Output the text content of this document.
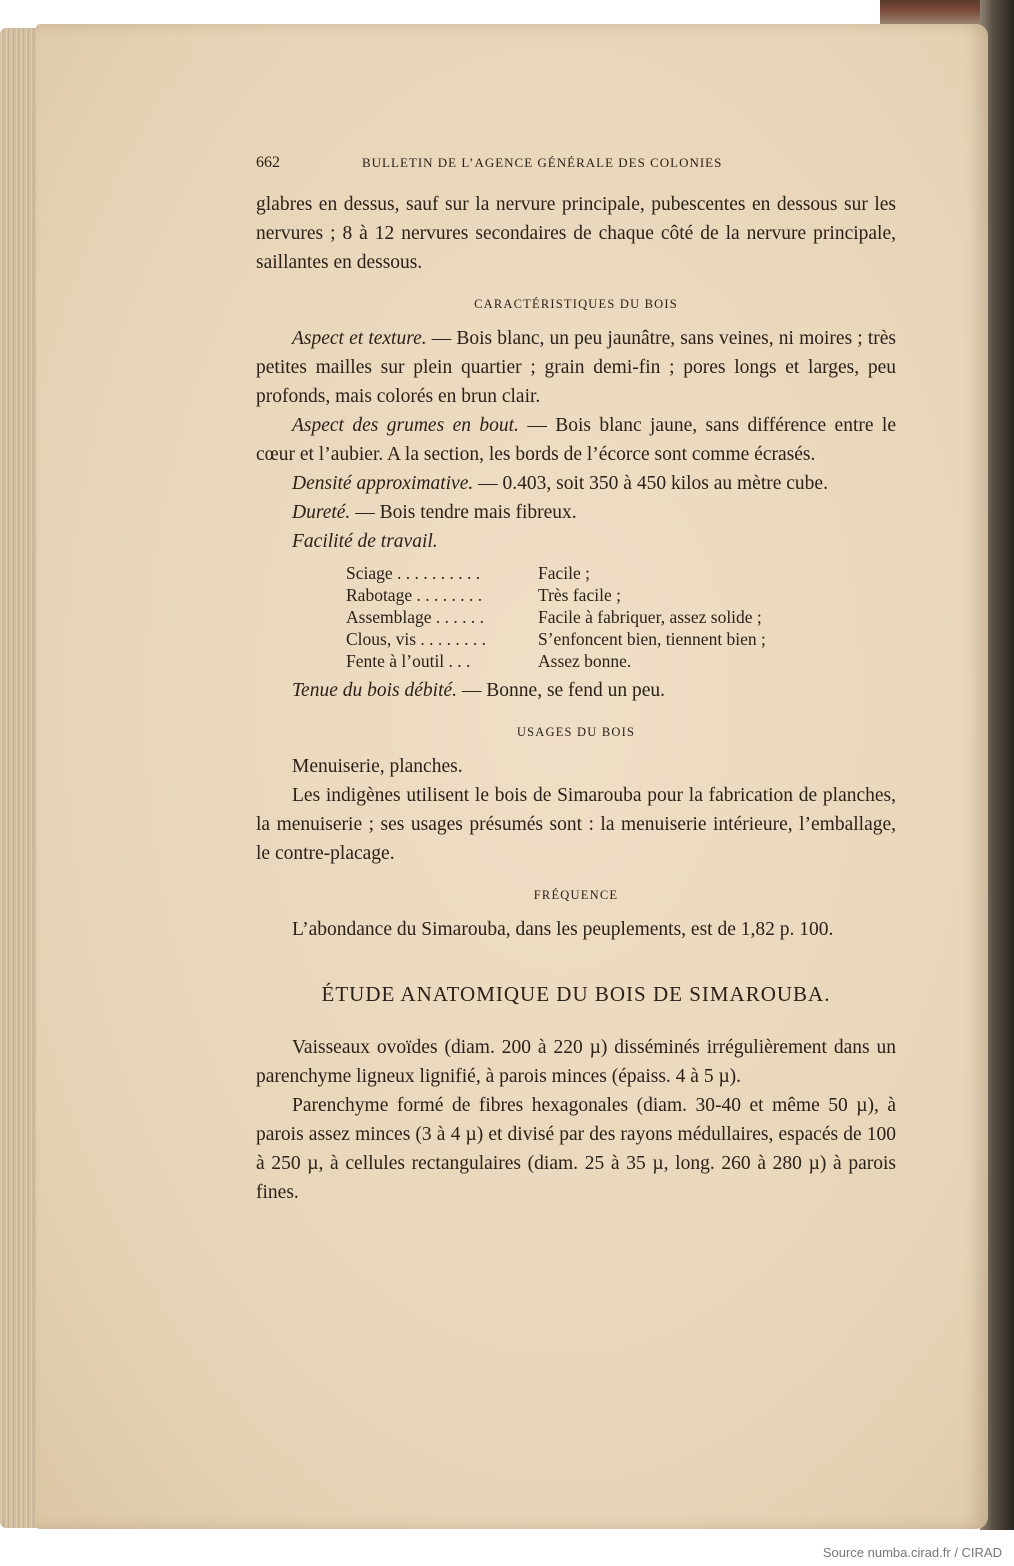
662	BULLETIN DE L’AGENCE GÉNÉRALE DES COLONIES

glabres en dessus, sauf sur la nervure principale, pubescentes en dessous sur les nervures ; 8 à 12 nervures secondaires de chaque côté de la nervure principale, saillantes en dessous.

CARACTÉRISTIQUES DU BOIS

Aspect et texture. — Bois blanc, un peu jaunâtre, sans veines, ni moires ; très petites mailles sur plein quartier ; grain demi-fin ; pores longs et larges, peu profonds, mais colorés en brun clair.

Aspect des grumes en bout. — Bois blanc jaune, sans différence entre le cœur et l’aubier. A la section, les bords de l’écorce sont comme écrasés.

Densité approximative. — 0.403, soit 350 à 450 kilos au mètre cube.

Dureté. — Bois tendre mais fibreux.

Facilité de travail.

Sciage . . . . . . . . . .	Facile ;
Rabotage . . . . . . . .	Très facile ;
Assemblage . . . . . .	Facile à fabriquer, assez solide ;
Clous, vis . . . . . . . .	S’enfoncent bien, tiennent bien ;
Fente à l’outil . . .	Assez bonne.

Tenue du bois débité. — Bonne, se fend un peu.

USAGES DU BOIS

Menuiserie, planches.

Les indigènes utilisent le bois de Simarouba pour la fabrication de planches, la menuiserie ; ses usages présumés sont : la menuiserie intérieure, l’emballage, le contre-placage.

FRÉQUENCE

L’abondance du Simarouba, dans les peuplements, est de 1,82 p. 100.

ÉTUDE ANATOMIQUE DU BOIS DE SIMAROUBA.

Vaisseaux ovoïdes (diam. 200 à 220 µ) disséminés irrégulièrement dans un parenchyme ligneux lignifié, à parois minces (épaiss. 4 à 5 µ).

Parenchyme formé de fibres hexagonales (diam. 30-40 et même 50 µ), à parois assez minces (3 à 4 µ) et divisé par des rayons médullaires, espacés de 100 à 250 µ, à cellules rectangulaires (diam. 25 à 35 µ, long. 260 à 280 µ) à parois fines.

Source numba.cirad.fr / CIRAD
